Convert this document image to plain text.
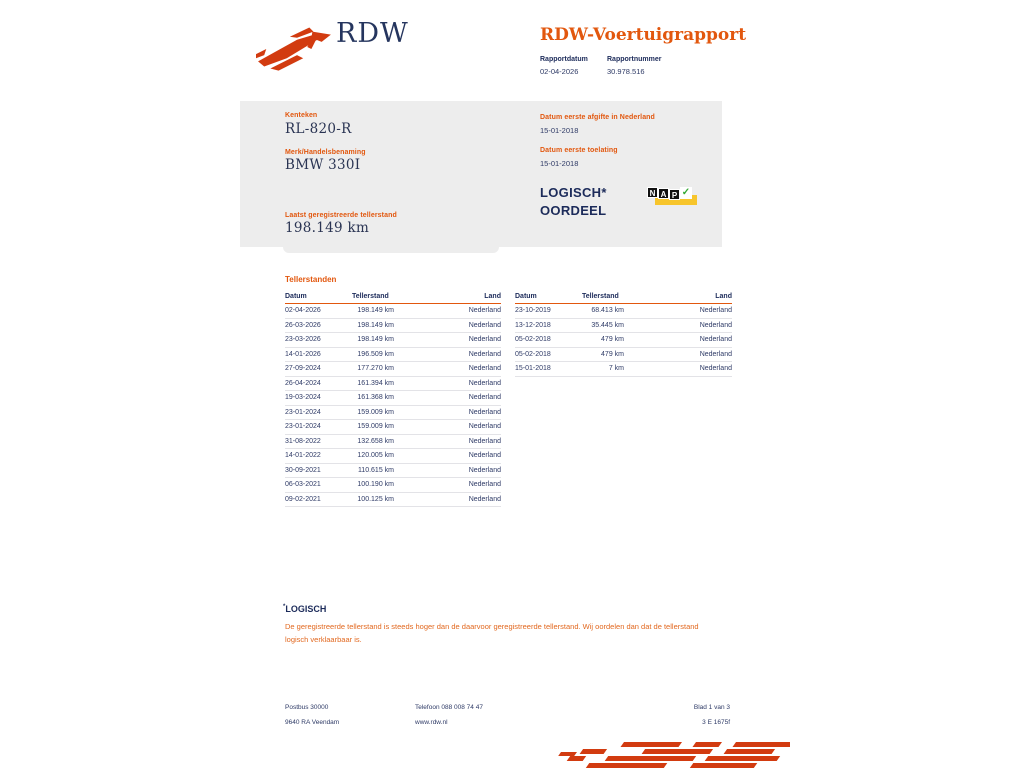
RDW	RDW-Voertuigrapport
Rapportdatum
02-04-2026
Rapportnummer
30.978.516
Kenteken
RL-820-R
Merk/Handelsbenaming
BMW 330I
Laatst geregistreerde tellerstand
198.149 km
Datum eerste afgifte in Nederland
15-01-2018
Datum eerste toelating
15-01-2018
LOGISCH*
OORDEEL
N A P ✓
Tellerstanden
Datum	Tellerstand	Land
02-04-2026	198.149 km	Nederland
26-03-2026	198.149 km	Nederland
23-03-2026	198.149 km	Nederland
14-01-2026	196.509 km	Nederland
27-09-2024	177.270 km	Nederland
26-04-2024	161.394 km	Nederland
19-03-2024	161.368 km	Nederland
23-01-2024	159.009 km	Nederland
23-01-2024	159.009 km	Nederland
31-08-2022	132.658 km	Nederland
14-01-2022	120.005 km	Nederland
30-09-2021	110.615 km	Nederland
06-03-2021	100.190 km	Nederland
09-02-2021	100.125 km	Nederland
Datum	Tellerstand	Land
23-10-2019	68.413 km	Nederland
13-12-2018	35.445 km	Nederland
05-02-2018	479 km	Nederland
05-02-2018	479 km	Nederland
15-01-2018	7 km	Nederland
*LOGISCH
De geregistreerde tellerstand is steeds hoger dan de daarvoor geregistreerde tellerstand. Wij oordelen dan dat de tellerstand logisch verklaarbaar is.
Postbus 30000
9640 RA Veendam
Telefoon 088 008 74 47
www.rdw.nl
Blad 1 van 3
3 E 1675f
